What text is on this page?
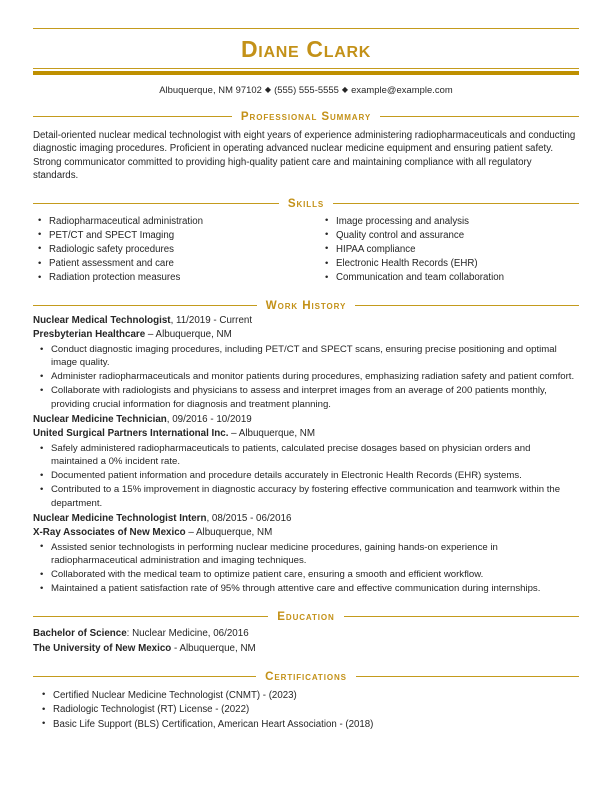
Diane Clark
Albuquerque, NM 97102 ◆ (555) 555-5555 ◆ example@example.com
Professional Summary
Detail-oriented nuclear medical technologist with eight years of experience administering radiopharmaceuticals and conducting diagnostic imaging procedures. Proficient in operating advanced nuclear medicine equipment and ensuring patient safety. Strong communicator committed to providing high-quality patient care and maintaining compliance with all regulatory standards.
Skills
• Radiopharmaceutical administration
• PET/CT and SPECT Imaging
• Radiologic safety procedures
• Patient assessment and care
• Radiation protection measures
• Image processing and analysis
• Quality control and assurance
• HIPAA compliance
• Electronic Health Records (EHR)
• Communication and team collaboration
Work History
Nuclear Medical Technologist, 11/2019 - Current
Presbyterian Healthcare – Albuquerque, NM
• Conduct diagnostic imaging procedures, including PET/CT and SPECT scans, ensuring precise positioning and optimal image quality.
• Administer radiopharmaceuticals and monitor patients during procedures, emphasizing radiation safety and patient comfort.
• Collaborate with radiologists and physicians to assess and interpret images from an average of 200 patients monthly, providing crucial information for diagnosis and treatment planning.
Nuclear Medicine Technician, 09/2016 - 10/2019
United Surgical Partners International Inc. – Albuquerque, NM
• Safely administered radiopharmaceuticals to patients, calculated precise dosages based on physician orders and maintained a 0% incident rate.
• Documented patient information and procedure details accurately in Electronic Health Records (EHR) systems.
• Contributed to a 15% improvement in diagnostic accuracy by fostering effective communication and teamwork within the department.
Nuclear Medicine Technologist Intern, 08/2015 - 06/2016
X-Ray Associates of New Mexico – Albuquerque, NM
• Assisted senior technologists in performing nuclear medicine procedures, gaining hands-on experience in radiopharmaceutical administration and imaging techniques.
• Collaborated with the medical team to optimize patient care, ensuring a smooth and efficient workflow.
• Maintained a patient satisfaction rate of 95% through attentive care and effective communication during internships.
Education
Bachelor of Science: Nuclear Medicine, 06/2016
The University of New Mexico - Albuquerque, NM
Certifications
• Certified Nuclear Medicine Technologist (CNMT) - (2023)
• Radiologic Technologist (RT) License - (2022)
• Basic Life Support (BLS) Certification, American Heart Association - (2018)
